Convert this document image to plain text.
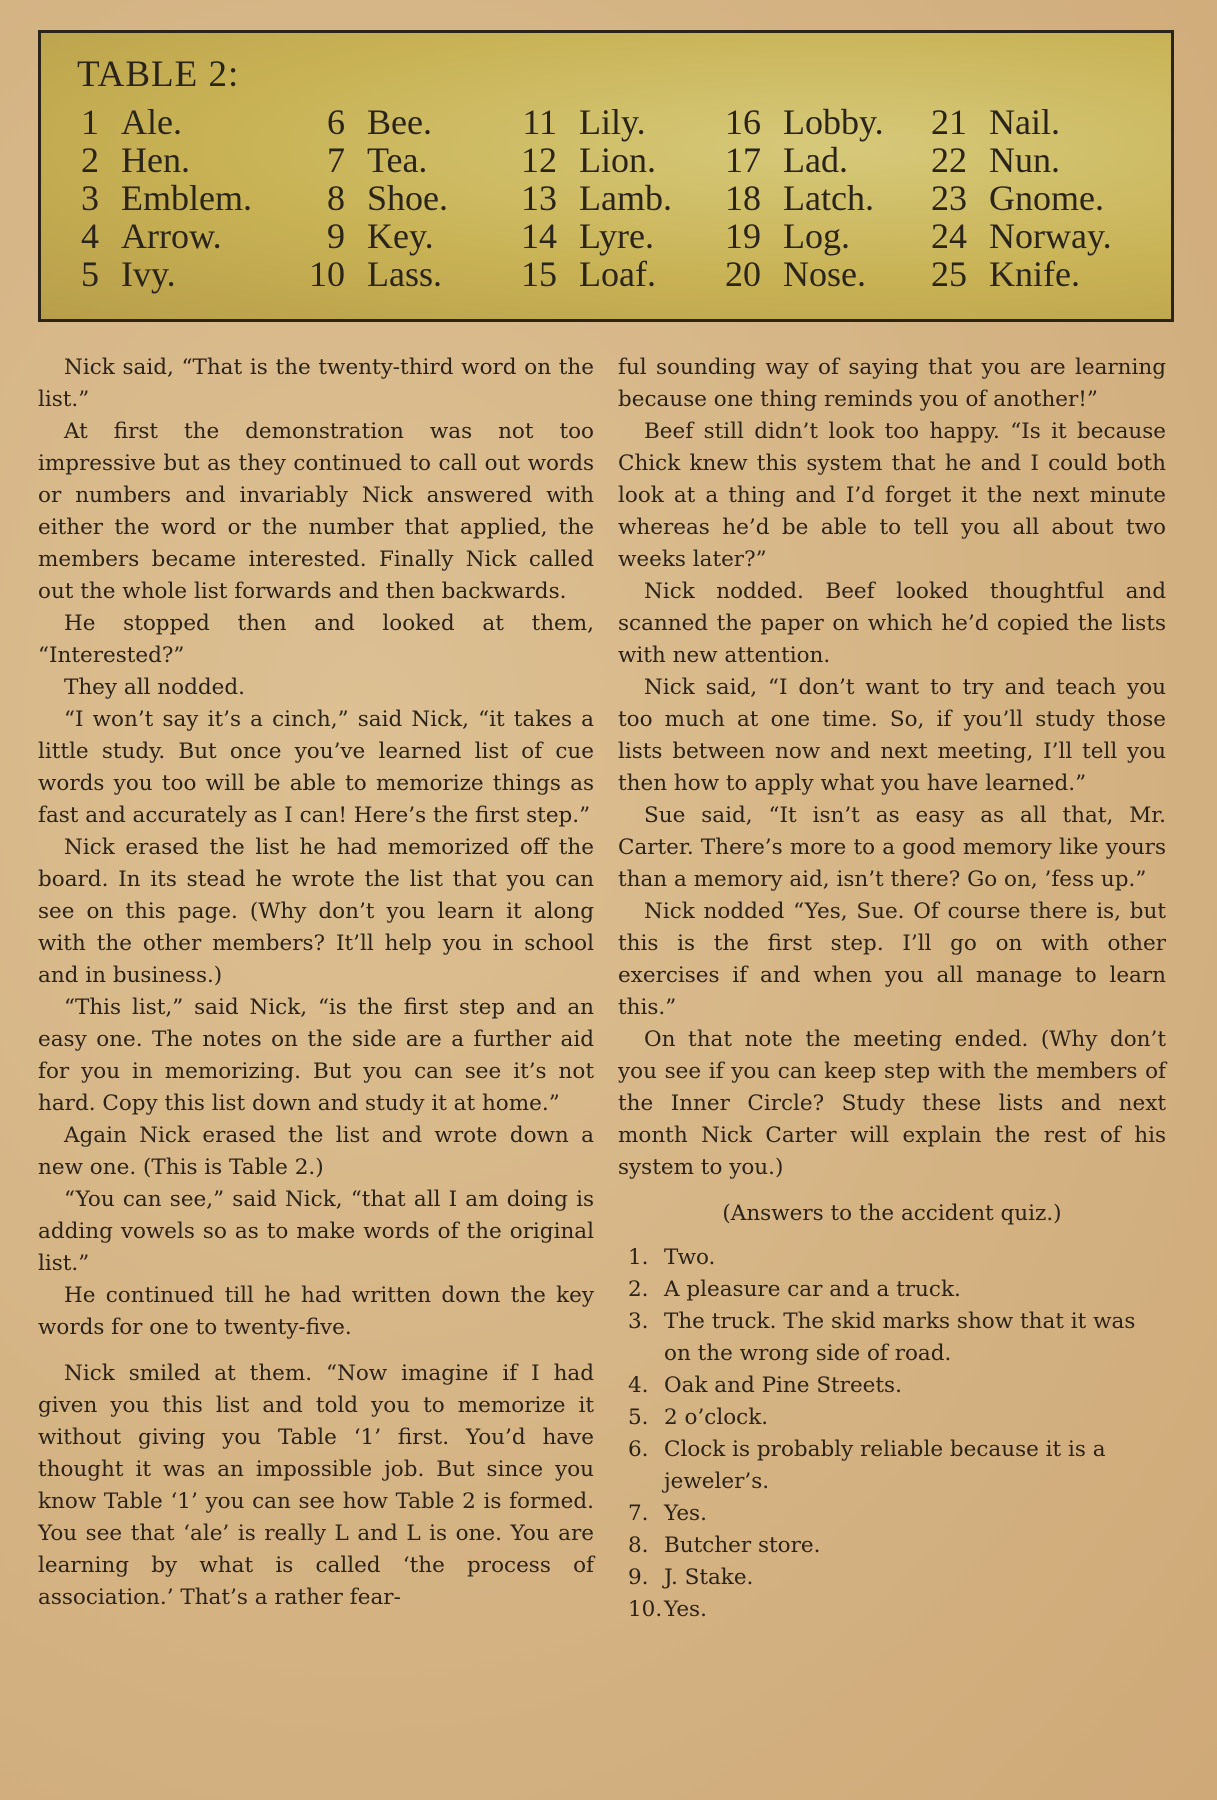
TABLE 2:
1 Ale.
2 Hen.
3 Emblem.
4 Arrow.
5 Ivy.
6 Bee.
7 Tea.
8 Shoe.
9 Key.
10 Lass.
11 Lily.
12 Lion.
13 Lamb.
14 Lyre.
15 Loaf.
16 Lobby.
17 Lad.
18 Latch.
19 Log.
20 Nose.
21 Nail.
22 Nun.
23 Gnome.
24 Norway.
25 Knife.

Nick said, “That is the twenty-third word on the list.”

At first the demonstration was not too impressive but as they continued to call out words or numbers and invariably Nick answered with either the word or the number that applied, the members became interested. Finally Nick called out the whole list forwards and then backwards.

He stopped then and looked at them, “Interested?”

They all nodded.

“I won’t say it’s a cinch,” said Nick, “it takes a little study. But once you’ve learned list of cue words you too will be able to memorize things as fast and accurately as I can! Here’s the first step.”

Nick erased the list he had memorized off the board. In its stead he wrote the list that you can see on this page. (Why don’t you learn it along with the other members? It’ll help you in school and in business.)

“This list,” said Nick, “is the first step and an easy one. The notes on the side are a further aid for you in memorizing. But you can see it’s not hard. Copy this list down and study it at home.”

Again Nick erased the list and wrote down a new one. (This is Table 2.)

“You can see,” said Nick, “that all I am doing is adding vowels so as to make words of the original list.”

He continued till he had written down the key words for one to twenty-five.

Nick smiled at them. “Now imagine if I had given you this list and told you to memorize it without giving you Table ‘1’ first. You’d have thought it was an impossible job. But since you know Table ‘1’ you can see how Table 2 is formed. You see that ‘ale’ is really L and L is one. You are learning by what is called ‘the process of association.’ That’s a rather fear-

ful sounding way of saying that you are learning because one thing reminds you of another!”

Beef still didn’t look too happy. “Is it because Chick knew this system that he and I could both look at a thing and I’d forget it the next minute whereas he’d be able to tell you all about two weeks later?”

Nick nodded. Beef looked thoughtful and scanned the paper on which he’d copied the lists with new attention.

Nick said, “I don’t want to try and teach you too much at one time. So, if you’ll study those lists between now and next meeting, I’ll tell you then how to apply what you have learned.”

Sue said, “It isn’t as easy as all that, Mr. Carter. There’s more to a good memory like yours than a memory aid, isn’t there? Go on, ’fess up.”

Nick nodded “Yes, Sue. Of course there is, but this is the first step. I’ll go on with other exercises if and when you all manage to learn this.”

On that note the meeting ended. (Why don’t you see if you can keep step with the members of the Inner Circle? Study these lists and next month Nick Carter will explain the rest of his system to you.)

(Answers to the accident quiz.)
1. Two.
2. A pleasure car and a truck.
3. The truck. The skid marks show that it was on the wrong side of road.
4. Oak and Pine Streets.
5. 2 o’clock.
6. Clock is probably reliable because it is a jeweler’s.
7. Yes.
8. Butcher store.
9. J. Stake.
10. Yes.
